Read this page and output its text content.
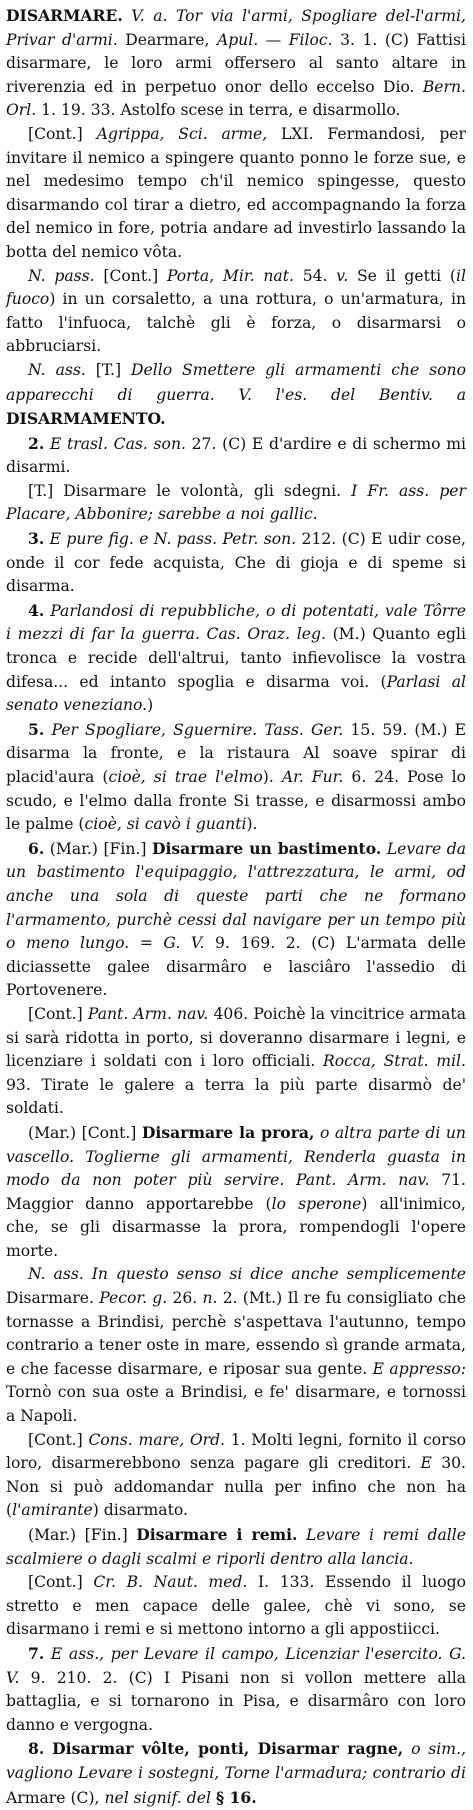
DISARMARE. V. a. Tor via l'armi, Spogliare del-l'armi, Privar d'armi. Dearmare, Apul. — Filoc. 3. 1. (C) Fattisi disarmare, le loro armi offersero al santo altare in riverenzia ed in perpetuo onor dello eccelso Dio. Bern. Orl. 1. 19. 33. Astolfo scese in terra, e disarmollo.

[Cont.] Agrippa, Sci. arme, LXI. Fermandosi, per invitare il nemico a spingere quanto ponno le forze sue, e nel medesimo tempo ch'il nemico spingesse, questo disarmando col tirar a dietro, ed accompagnando la forza del nemico in fore, potria andare ad investirlo lassando la botta del nemico vôta.

N. pass. [Cont.] Porta, Mir. nat. 54. v. Se il getti (il fuoco) in un corsaletto, a una rottura, o un'armatura, in fatto l'infuoca, talchè gli è forza, o disarmarsi o abbruciarsi.

N. ass. [T.] Dello Smettere gli armamenti che sono apparecchi di guerra. V. l'es. del Bentiv. a DISARMAMENTO.

2. E trasl. Cas. son. 27. (C) E d'ardire e di schermo mi disarmi.

[T.] Disarmare le volontà, gli sdegni. I Fr. ass. per Placare, Abbonire; sarebbe a noi gallic.

3. E pure fig. e N. pass. Petr. son. 212. (C) E udir cose, onde il cor fede acquista, Che di gioja e di speme si disarma.

4. Parlandosi di repubbliche, o di potentati, vale Tôrre i mezzi di far la guerra. Cas. Oraz. leg. (M.) Quanto egli tronca e recide dell'altrui, tanto infievolisce la vostra difesa... ed intanto spoglia e disarma voi. (Parlasi al senato veneziano.)

5. Per Spogliare, Sguernire. Tass. Ger. 15. 59. (M.) E disarma la fronte, e la ristaura Al soave spirar di placid'aura (cioè, si trae l'elmo). Ar. Fur. 6. 24. Pose lo scudo, e l'elmo dalla fronte Si trasse, e disarmossi ambo le palme (cioè, si cavò i guanti).

6. (Mar.) [Fin.] Disarmare un bastimento. Levare da un bastimento l'equipaggio, l'attrezzatura, le armi, od anche una sola di queste parti che ne formano l'armamento, purchè cessi dal navigare per un tempo più o meno lungo. = G. V. 9. 169. 2. (C) L'armata delle diciassette galee disarmâro e lasciâro l'assedio di Portovenere.

[Cont.] Pant. Arm. nav. 406. Poichè la vincitrice armata si sarà ridotta in porto, si doveranno disarmare i legni, e licenziare i soldati con i loro officiali. Rocca, Strat. mil. 93. Tirate le galere a terra la più parte disarmò de' soldati.

(Mar.) [Cont.] Disarmare la prora, o altra parte di un vascello. Toglierne gli armamenti, Renderla guasta in modo da non poter più servire. Pant. Arm. nav. 71. Maggior danno apportarebbe (lo sperone) all'inimico, che, se gli disarmasse la prora, rompendogli l'opere morte.

N. ass. In questo senso si dice anche semplicemente Disarmare. Pecor. g. 26. n. 2. (Mt.) Il re fu consigliato che tornasse a Brindisi, perchè s'aspettava l'autunno, tempo contrario a tener oste in mare, essendo sì grande armata, e che facesse disarmare, e riposar sua gente. E appresso: Tornò con sua oste a Brindisi, e fe' disarmare, e tornossi a Napoli.

[Cont.] Cons. mare, Ord. 1. Molti legni, fornito il corso loro, disarmerebbono senza pagare gli creditori. E 30. Non si può addomandar nulla per infino che non ha (l'amirante) disarmato.

(Mar.) [Fin.] Disarmare i remi. Levare i remi dalle scalmiere o dagli scalmi e riporli dentro alla lancia.

[Cont.] Cr. B. Naut. med. I. 133. Essendo il luogo stretto e men capace delle galee, chè vi sono, se disarmano i remi e si mettono intorno a gli appostiicci.

7. E ass., per Levare il campo, Licenziar l'esercito. G. V. 9. 210. 2. (C) I Pisani non si vollon mettere alla battaglia, e si tornarono in Pisa, e disarmâro con loro danno e vergogna.

8. Disarmar vôlte, ponti, Disarmar ragne, o sim., vagliono Levare i sostegni, Torne l'armadura; contrario di Armare (C), nel signif. del § 16.
